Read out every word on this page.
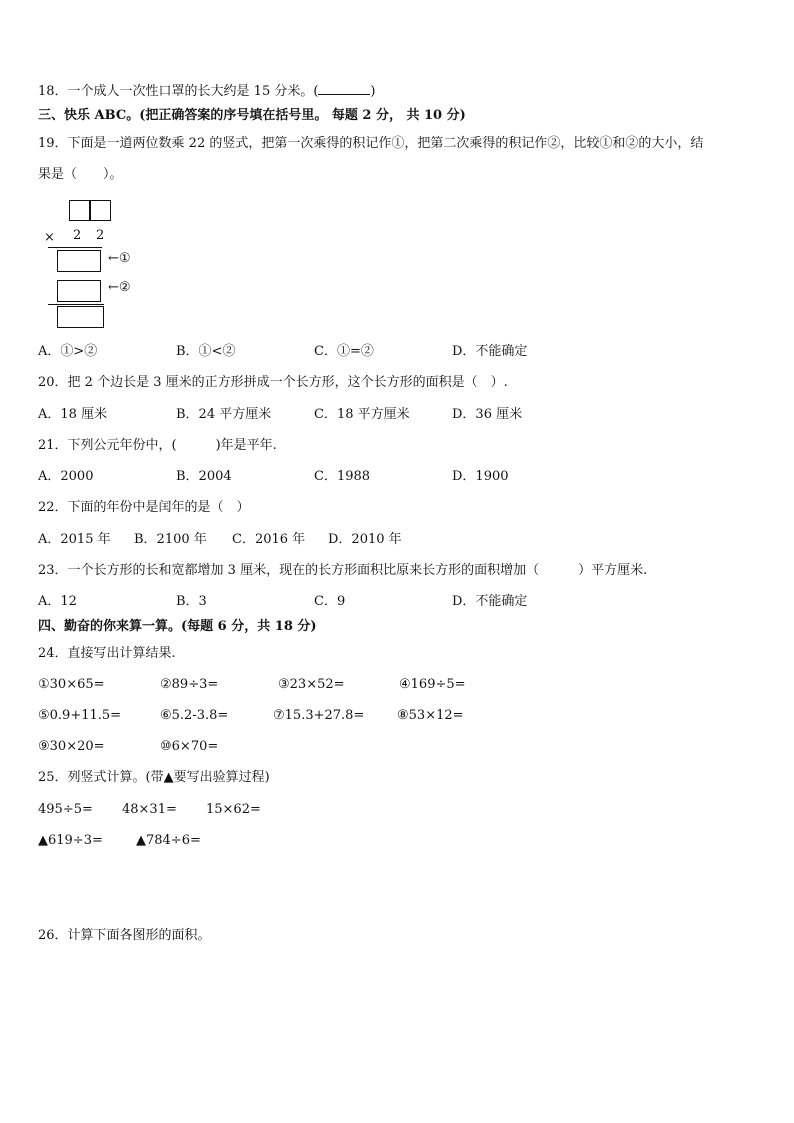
18．一个成人一次性口罩的长大约是 15 分米。(	)
三、快乐 ABC。(把正确答案的序号填在括号里。 每题 2 分， 共 10 分)
19．下面是一道两位数乘 22 的竖式，把第一次乘得的积记作①，把第二次乘得的积记作②，比较①和②的大小，结
果是（　　）。
× 2 2
←①
←②
A．①>②	B．①<②	C．①=②	D．不能确定
20．把 2 个边长是 3 厘米的正方形拼成一个长方形，这个长方形的面积是（　）.
A．18 厘米	B．24 平方厘米	C．18 平方厘米	D．36 厘米
21．下列公元年份中，(　　　)年是平年.
A．2000	B．2004	C．1988	D．1900
22．下面的年份中是闰年的是（　）
A．2015 年 B．2100 年 C．2016 年 D．2010 年
23．一个长方形的长和宽都增加 3 厘米，现在的长方形面积比原来长方形的面积增加（　　　）平方厘米.
A．12	B．3	C．9	D．不能确定
四、勤奋的你来算一算。(每题 6 分，共 18 分)
24．直接写出计算结果.
①30×65=	②89÷3=	③23×52=	④169÷5=
⑤0.9+11.5=	⑥5.2-3.8=	⑦15.3+27.8=	⑧53×12=
⑨30×20=	⑩6×70=
25．列竖式计算。(带▲要写出验算过程)
495÷5= 48×31= 15×62=
▲619÷3=	▲784÷6=
26．计算下面各图形的面积。
